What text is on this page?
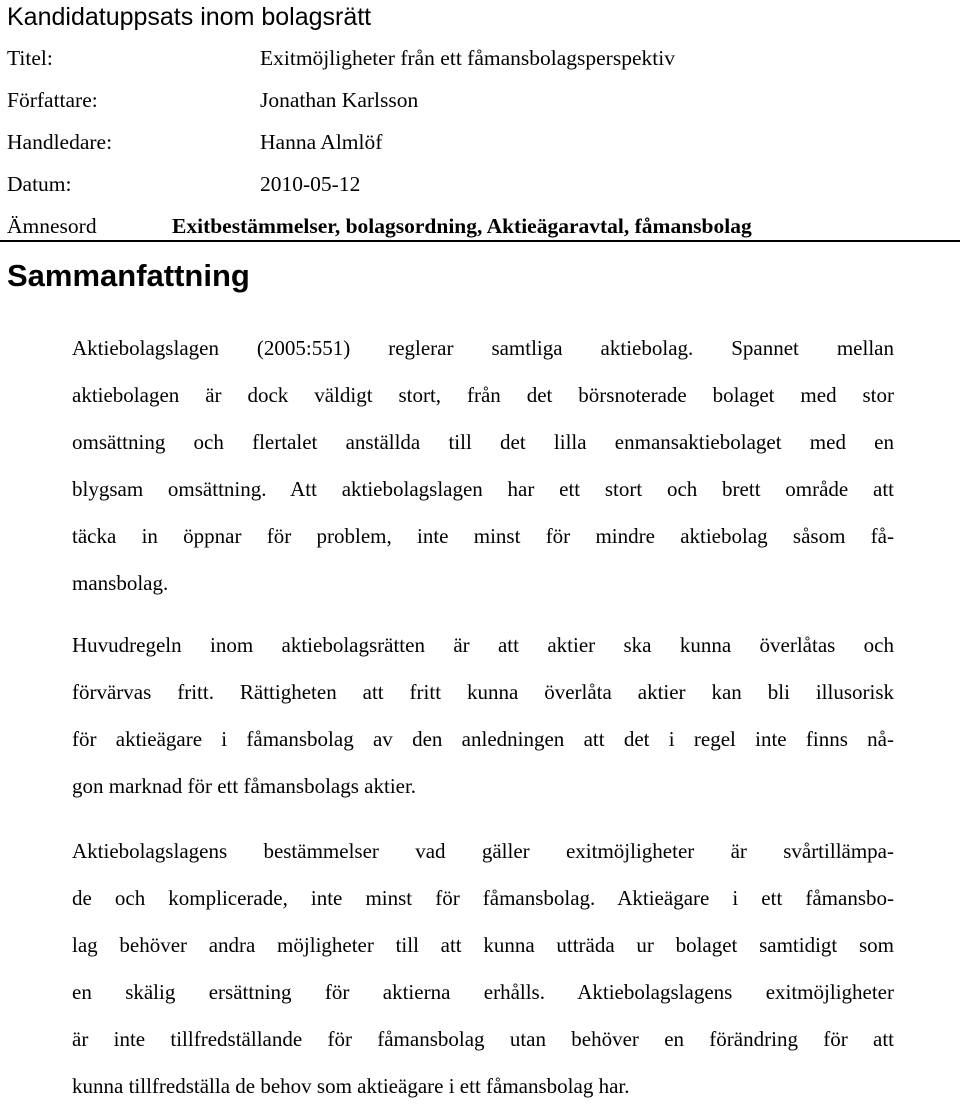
Kandidatuppsats inom bolagsrätt
Titel:	Exitmöjligheter från ett fåmansbolagsperspektiv
Författare:	Jonathan Karlsson
Handledare:	Hanna Almlöf
Datum:	2010-05-12
Ämnesord	Exitbestämmelser, bolagsordning, Aktieägaravtal, fåmansbolag
Sammanfattning
Aktiebolagslagen (2005:551) reglerar samtliga aktiebolag. Spannet mellan
aktiebolagen är dock väldigt stort, från det börsnoterade bolaget med stor
omsättning och flertalet anställda till det lilla enmansaktiebolaget med en
blygsam omsättning. Att aktiebolagslagen har ett stort och brett område att
täcka in öppnar för problem, inte minst för mindre aktiebolag såsom få-
mansbolag.
Huvudregeln inom aktiebolagsrätten är att aktier ska kunna överlåtas och
förvärvas fritt. Rättigheten att fritt kunna överlåta aktier kan bli illusorisk
för aktieägare i fåmansbolag av den anledningen att det i regel inte finns nå-
gon marknad för ett fåmansbolags aktier.
Aktiebolagslagens bestämmelser vad gäller exitmöjligheter är svårtillämpa-
de och komplicerade, inte minst för fåmansbolag. Aktieägare i ett fåmansbo-
lag behöver andra möjligheter till att kunna utträda ur bolaget samtidigt som
en skälig ersättning för aktierna erhålls. Aktiebolagslagens exitmöjligheter
är inte tillfredställande för fåmansbolag utan behöver en förändring för att
kunna tillfredställa de behov som aktieägare i ett fåmansbolag har.
